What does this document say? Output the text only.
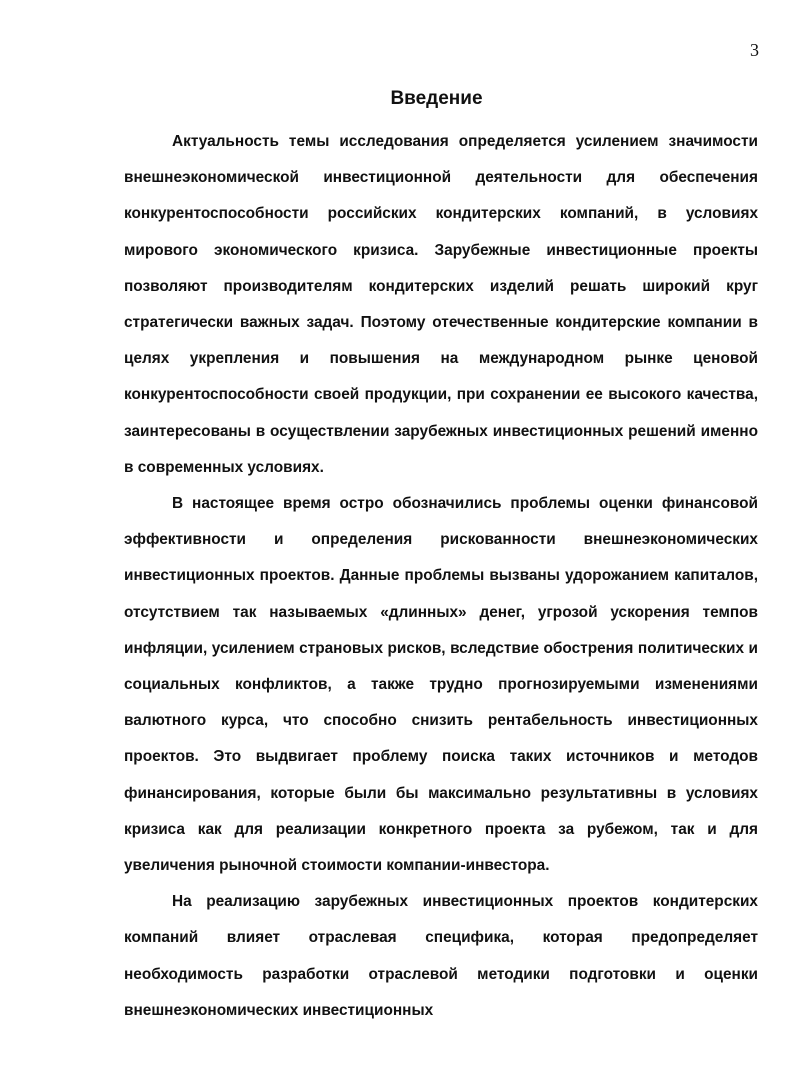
3
Введение

Актуальность темы исследования определяется усилением значимости внешнеэкономической инвестиционной деятельности для обеспечения конкурентоспособности российских кондитерских компаний, в условиях мирового экономического кризиса. Зарубежные инвестиционные проекты позволяют производителям кондитерских изделий решать широкий круг стратегически важных задач. Поэтому отечественные кондитерские компании в целях укрепления и повышения на международном рынке ценовой конкурентоспособности своей продукции, при сохранении ее высокого качества, заинтересованы в осуществлении зарубежных инвестиционных решений именно в современных условиях.

В настоящее время остро обозначились проблемы оценки финансовой эффективности и определения рискованности внешнеэкономических инвестиционных проектов. Данные проблемы вызваны удорожанием капиталов, отсутствием так называемых «длинных» денег, угрозой ускорения темпов инфляции, усилением страновых рисков, вследствие обострения политических и социальных конфликтов, а также трудно прогнозируемыми изменениями валютного курса, что способно снизить рентабельность инвестиционных проектов. Это выдвигает проблему поиска таких источников и методов финансирования, которые были бы максимально результативны в условиях кризиса как для реализации конкретного проекта за рубежом, так и для увеличения рыночной стоимости компании-инвестора.

На реализацию зарубежных инвестиционных проектов кондитерских компаний влияет отраслевая специфика, которая предопределяет необходимость разработки отраслевой методики подготовки и оценки внешнеэкономических инвестиционных
